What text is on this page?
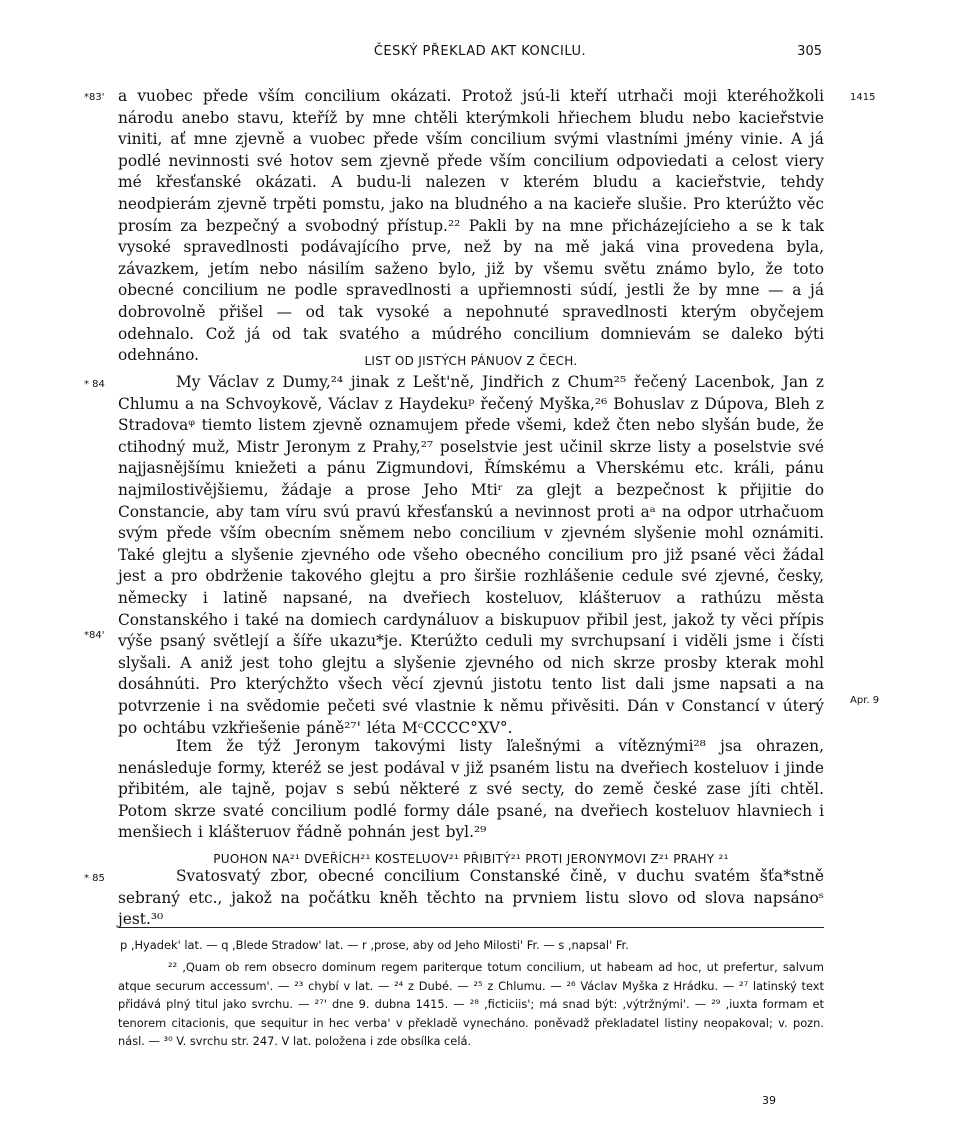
ČESKÝ PŘEKLAD AKT KONCILU.	305
*83'	1415

a vuobec přede vším concilium okázati. Protož jsú-li kteří utrhači moji kteréhožkoli národu anebo stavu, kteříž by mne chtěli kterýmkoli hřiechem bludu nebo kacieřstvie viniti, ať mne zjevně a vuobec přede vším concilium svými vlastními jmény vinie. A já podlé nevinnosti své hotov sem zjevně přede vším concilium odpoviedati a celost viery mé křesťanské okázati. A budu-li nalezen v kterém bludu a kacieřstvie, tehdy neodpierám zjevně trpěti pomstu, jako na bludného a na kacieře slušie. Pro kterúžto věc prosím za bezpečný a svobodný přístup.²² Pakli by na mne přicházejícieho a se k tak vysoké spravedlnosti podávajícího prve, než by na mě jaká vina provedena byla, závazkem, jetím nebo násilím saženo bylo, již by všemu světu známo bylo, že toto obecné concilium ne podle spravedlnosti a upřiemnosti súdí, jestli že by mne — a já dobrovolně přišel — od tak vysoké a nepohnuté spravedlnosti kterým obyčejem odehnalo. Což já od tak svatého a múdrého concilium domnievám se daleko býti odehnáno.	LIST OD JISTÝCH PÁNUOV Z ČECH.
* 84
*84'
Apr. 9

My Václav z Dumy,²⁴ jinak z Lešt'ně, Jindřich z Chum²⁵ řečený Lacenbok, Jan z Chlumu a na Schvoykově, Václav z Haydekuᵖ řečený Myška,²⁶ Bohuslav z Dúpova, Bleh z Stradovaᵠ tiemto listem zjevně oznamujem přede všemi, kdež čten nebo slyšán bude, že ctihodný muž, Mistr Jeronym z Prahy,²⁷ poselstvie jest učinil skrze listy a poselstvie své najjasnějšímu kniežeti a pánu Zigmundovi, Římskému a Vherskému etc. králi, pánu najmilostivějšiemu, žádaje a prose Jeho Mtiʳ za glejt a bezpečnost k přijitie do Constancie, aby tam víru svú pravú křesťanskú a nevinnost proti aᵃ na odpor utrhačuom svým přede vším obecním sněmem nebo concilium v zjevném slyšenie mohl oznámiti. Také glejtu a slyšenie zjevného ode všeho obecného concilium pro již psané věci žádal jest a pro obdrženie takového glejtu a pro širšie rozhlášenie cedule své zjevné, česky, německy i latině napsané, na dveřiech kosteluov, klášteruov a rathúzu města Constanského i také na domiech cardynáluov a biskupuov přibil jest, jakož ty věci přípis výše psaný světlejí a šíře ukazu*je. Kterúžto ceduli my svrchupsaní i viděli jsme i čísti slyšali. A aniž jest toho glejtu a slyšenie zjevného od nich skrze prosby kterak mohl dosáhnúti. Pro kterýchžto všech věcí zjevnú jistotu tento list dali jsme napsati a na potvrzenie i na svědomie pečeti své vlastnie k němu přivěsiti. Dán v Constancí v úterý po ochtábu vzkřiešenie páně²⁷' léta MᶜCCCC°XV°.

Item že týž Jeronym takovými listy ľalešnými a vítěznými²⁸ jsa ohrazen, nenásleduje formy, kteréž se jest podával v již psaném listu na dveřiech kosteluov i jinde přibitém, ale tajně, pojav s sebú některé z své secty, do země české zase jíti chtěl. Potom skrze svaté concilium podlé formy dále psané, na dveřiech kosteluov hlavniech i menšiech i klášteruov řádně pohnán jest byl.²⁹

PUOHON NA²¹ DVEŘÍCH²¹ KOSTELUOV²¹ PŘIBITÝ²¹ PROTI JERONYMOVI Z²¹ PRAHY ²¹
* 85	Svatosvatý zbor, obecné concilium Constanské čině, v duchu svatém šťa*stně sebraný etc., jakož na počátku kněh těchto na prvniem listu slovo od slova napsánoˢ jest.³⁰

p ‚Hyadek' lat. — q ‚Blede Stradow' lat. — r ‚prose, aby od Jeho Milosti' Fr. — s ‚napsal' Fr.

²² ‚Quam ob rem obsecro dominum regem pariterque totum concilium, ut habeam ad hoc, ut prefertur, salvum atque securum accessum'. — ²³ chybí v lat. — ²⁴ z Dubé. — ²⁵ z Chlumu. — ²⁶ Václav Myška z Hrádku. — ²⁷ latinský text přidává plný titul jako svrchu. — ²⁷' dne 9. dubna 1415. — ²⁸ ‚ficticiis'; má snad být: ‚výtržnými'. — ²⁹ ‚iuxta formam et tenorem citacionis, que sequitur in hec verba' v překladě vynecháno. poněvadž překladatel listiny neopakoval; v. pozn. násl. — ³⁰ V. svrchu str. 247. V lat. položena i zde obsílka celá.

39
